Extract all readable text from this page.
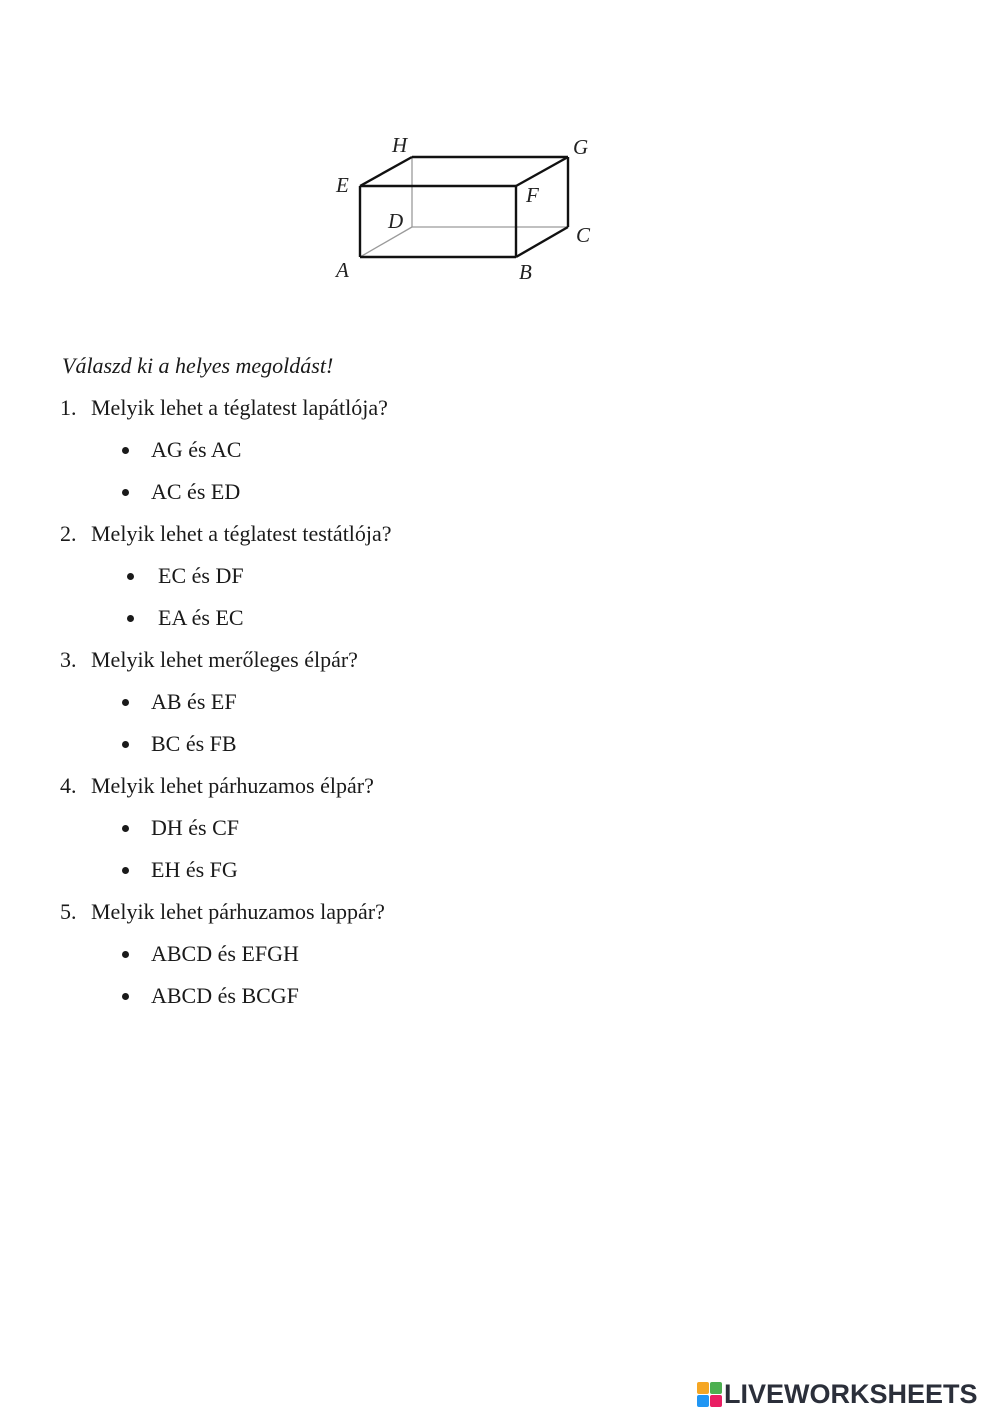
H	G
E	F
D
C
A	B
Válaszd ki a helyes megoldást!
1. Melyik lehet a téglatest lapátlója?
AG és AC
AC és ED
2. Melyik lehet a téglatest testátlója?
EC és DF
EA és EC
3. Melyik lehet merőleges élpár?
AB és EF
BC és FB
4. Melyik lehet párhuzamos élpár?
DH és CF
EH és FG
5. Melyik lehet párhuzamos lappár?
ABCD és EFGH
ABCD és BCGF
LIVEWORKSHEETS
